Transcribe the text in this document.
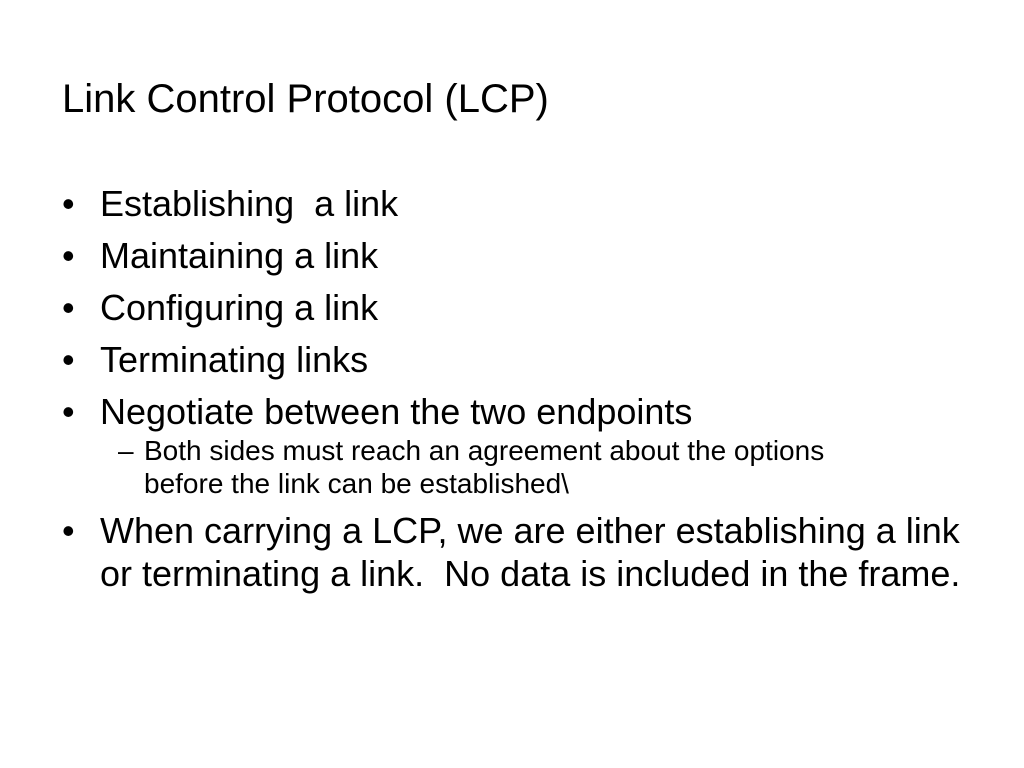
Link Control Protocol (LCP)
• Establishing  a link
• Maintaining a link
• Configuring a link
• Terminating links
• Negotiate between the two endpoints
– Both sides must reach an agreement about the options before the link can be established\
• When carrying a LCP, we are either establishing a link or terminating a link.  No data is included in the frame.
